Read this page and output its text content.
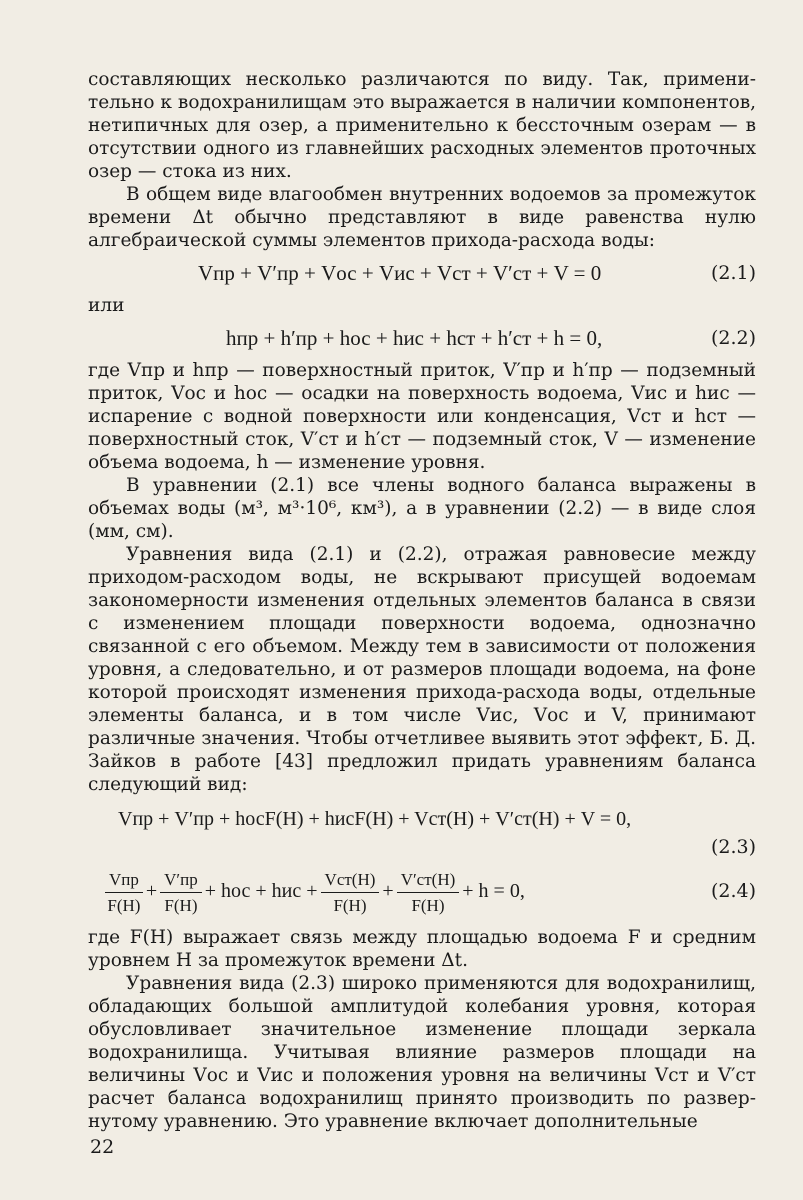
составляющих несколько различаются по виду. Так, применительно к водохранилищам это выражается в наличии компонентов, нетипичных для озер, а применительно к бессточным озерам — в отсутствии одного из главнейших расходных элементов проточных озер — стока из них.

В общем виде влагообмен внутренних водоемов за промежуток времени Δt обычно представляют в виде равенства нулю алгебраической суммы элементов прихода-расхода воды:

Vпр + V′пр + Vос + Vис + Vст + V′ст + V = 0	(2.1)

или

hпр + h′пр + hос + hис + hст + h′ст + h = 0,	(2.2)

где Vпр и hпр — поверхностный приток, V′пр и h′пр — подземный приток, Vос и hос — осадки на поверхность водоема, Vис и hис — испарение с водной поверхности или конденсация, Vст и hст — поверхностный сток, V′ст и h′ст — подземный сток, V — изменение объема водоема, h — изменение уровня.

В уравнении (2.1) все члены водного баланса выражены в объемах воды (м³, м³·10⁶, км³), а в уравнении (2.2) — в виде слоя (мм, см).

Уравнения вида (2.1) и (2.2), отражая равновесие между приходом-расходом воды, не вскрывают присущей водоемам закономерности изменения отдельных элементов баланса в связи с изменением площади поверхности водоема, однозначно связанной с его объемом. Между тем в зависимости от положения уровня, а следовательно, и от размеров площади водоема, на фоне которой происходят изменения прихода-расхода воды, отдельные элементы баланса, и в том числе Vис, Vос и V, принимают различные значения. Чтобы отчетливее выявить этот эффект, Б. Д. Зайков в работе [43] предложил придать уравнениям баланса следующий вид:

Vпр + V′пр + hосF(H) + hисF(H) + Vст(H) + V′ст(H) + V = 0,
(2.3)
$\frac{\text{Vпр}}{F(H)} + \frac{V'пр}{F(H)}$ + hос + hис + $\frac{\text{Vст(H)}}{F(H)} + \frac{V'ст(H)}{F(H)} + h = 0$,	(2.4)

где F(H) выражает связь между площадью водоема F и средним уровнем H за промежуток времени Δt.

Уравнения вида (2.3) широко применяются для водохранилищ, обладающих большой амплитудой колебания уровня, которая обусловливает значительное изменение площади зеркала водохранилища. Учитывая влияние размеров площади на величины Vос и Vис и положения уровня на величины Vст и V′ст расчет баланса водохранилищ принято производить по развернутому уравнению. Это уравнение включает дополнительные

22
